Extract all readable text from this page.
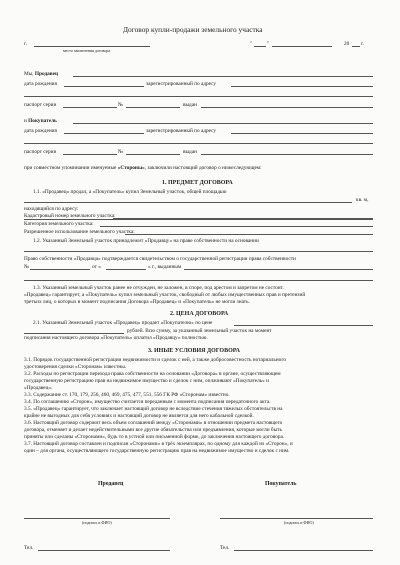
Договор купли-продажи земельного участка
г.
место заключения договора
"	"	20 г.
Мы, Продавец
дата рождения	зарегистрированный по адресу
паспорт серии	№	выдан
и Покупатель
дата рождения	зарегистрированный по адресу
паспорт серии	№	выдан
при совместном упоминании именуемые «Стороны», заключили настоящий договор о нижеследующем:
1. ПРЕДМЕТ ДОГОВОРА
1.1. «Продавец» продал, а «Покупатель» купил Земельный участок, общей площадью
кв. м,
находящийся по адресу:
Кадастровый номер земельного участка:
Категория земельного участка:
Разрешенное использование земельного участка:
1.2. Указанный Земельный участок принадлежит «Продавцу» на праве собственности на основании
Право собственности «Продавца» подтверждается свидетельством о государственной регистрации права собственности
№	от «	» г., выданным
1.3. Указанный земельный участок ранее не отчужден, не заложен, в споре, под арестом и запретом не состоит.
«Продавец» гарантирует, а «Покупатель» купил земельный участок, свободный от любых имущественных прав и претензий
третьих лиц, о которых в момент подписания Договора «Продавец» и «Покупатель» не могли знать.
2. ЦЕНА ДОГОВОРА
2.1. Указанный Земельный участок «Продавец» продает «Покупателю» по цене
рублей. Всю сумму, за указанный земельный участок на момент
подписания настоящего договора «Покупатель» оплатил «Продавцу» полностью.
3. ИНЫЕ УСЛОВИЯ ДОГОВОРА
3.1. Порядок государственной регистрации недвижимости и сделок с ней, а также добросовестность нотариального
удостоверения сделки «Сторонам» известны.
3.2. Расходы по регистрации перехода права собственности на основании «Договора» в органе, осуществляющем
государственную регистрацию прав на недвижимое имущество и сделок с ним, оплачивают «Покупатель» и
«Продавец».
3.3. Содержание ст. 170, 179, 256, 460, 469, 475, 477, 551, 556 ГК РФ «Сторонам» известно.
3.4. По соглашению «Сторон», имущество считается переданным с момента подписания передаточного акта.
3.5. «Продавец» гарантирует, что заключает настоящий договор не вследствие стечения тяжелых обстоятельств на
крайне не выгодных для себя условиях и настоящий договор не является для него кабальной сделкой.
3.6. Настоящий договор содержит весь объем соглашений между «Сторонами» в отношении предмета настоящего
договора, отменяет и делает недействительными все другие обязательства или предъявления, которые могли быть
приняты или сделаны «Сторонами», будь то в устной или письменной форме, до заключения настоящего договора.
3.7. Настоящий договор составлен и подписан «Сторонами» в трёх экземплярах, по одному для каждой из «Сторон», и
один – для органа, осуществляющего государственную регистрацию прав на недвижимое имущество и сделок с ним.
Продавец	Покупатель
(подпись и ФИО)	(подпись и ФИО)
Тел.	Тел.
